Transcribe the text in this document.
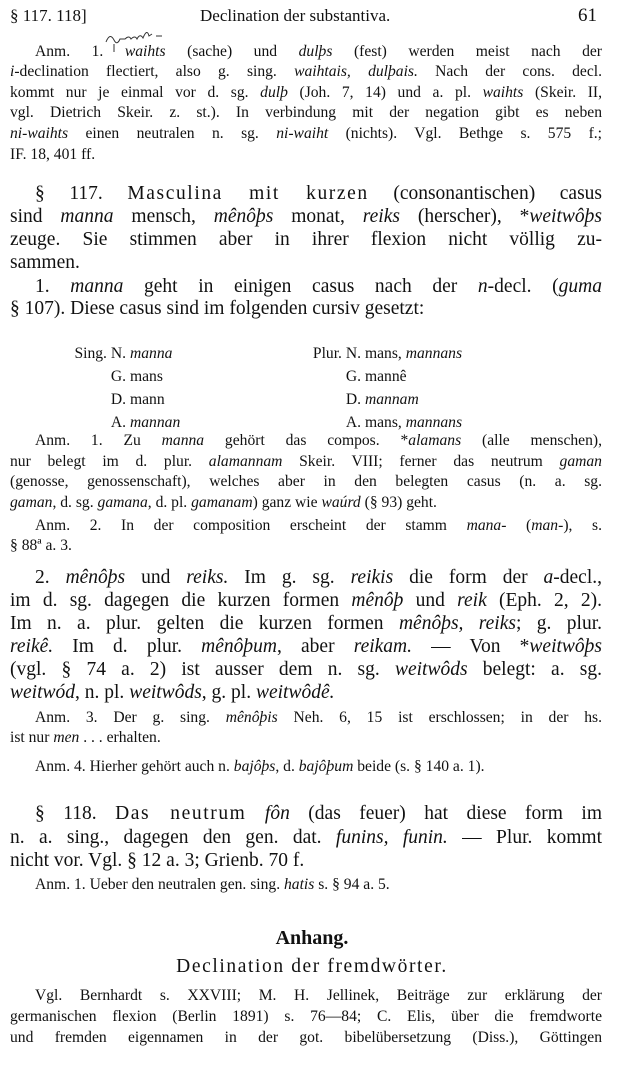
§ 117. 118]	Declination der substantiva.	61
Anm. 1. waihts (sache) und dulþs (fest) werden meist nach der
i-declination flectiert, also g. sing. waihtais, dulþais. Nach der cons. decl.
kommt nur je einmal vor d. sg. dulþ (Joh. 7, 14) und a. pl. waihts (Skeir. II,
vgl. Dietrich Skeir. z. st.). In verbindung mit der negation gibt es neben
ni-waihts einen neutralen n. sg. ni-waiht (nichts). Vgl. Bethge s. 575 f.;
IF. 18, 401 ff.
§ 117. Masculina mit kurzen (consonantischen) casus
sind manna mensch, mênôþs monat, reiks (herscher), *weitwôþs
zeuge. Sie stimmen aber in ihrer flexion nicht völlig zu-
sammen.
1. manna geht in einigen casus nach der n-decl. (guma
§ 107). Diese casus sind im folgenden cursiv gesetzt:
Anm. 1. Zu manna gehört das compos. *alamans (alle menschen),
nur belegt im d. plur. alamannam Skeir. VIII; ferner das neutrum gaman
(genosse, genossenschaft), welches aber in den belegten casus (n. a. sg.
gaman, d. sg. gamana, d. pl. gamanam) ganz wie waúrd (§ 93) geht.
Anm. 2. In der composition erscheint der stamm mana- (man-), s.
§ 88ª a. 3.
2. mênôþs und reiks. Im g. sg. reikis die form der a-decl.,
im d. sg. dagegen die kurzen formen mênôþ und reik (Eph. 2, 2).
Im n. a. plur. gelten die kurzen formen mênôþs, reiks; g. plur.
reikê. Im d. plur. mênôþum, aber reikam. — Von *weitwôþs
(vgl. § 74 a. 2) ist ausser dem n. sg. weitwôds belegt: a. sg.
weitwód, n. pl. weitwôds, g. pl. weitwôdê.
Anm. 3. Der g. sing. mênôþis Neh. 6, 15 ist erschlossen; in der hs.
ist nur men . . . erhalten.
Anm. 4. Hierher gehört auch n. bajôþs, d. bajôþum beide (s. § 140 a. 1).
§ 118. Das neutrum fôn (das feuer) hat diese form im
n. a. sing., dagegen den gen. dat. funins, funin. — Plur. kommt
nicht vor. Vgl. § 12 a. 3; Grienb. 70 f.
Anm. 1. Ueber den neutralen gen. sing. hatis s. § 94 a. 5.
Vgl. Bernhardt s. XXVIII; M. H. Jellinek, Beiträge zur erklärung der
germanischen flexion (Berlin 1891) s. 76—84; C. Elis, über die fremdworte
und fremden eigennamen in der got. bibelübersetzung (Diss.), Göttingen
Sing. N. manna
G. mans
D. mann
A. mannan
Plur. N. mans, mannans
G. mannê
D. mannam
A. mans, mannans
Anhang.
Declination der fremdwörter.
